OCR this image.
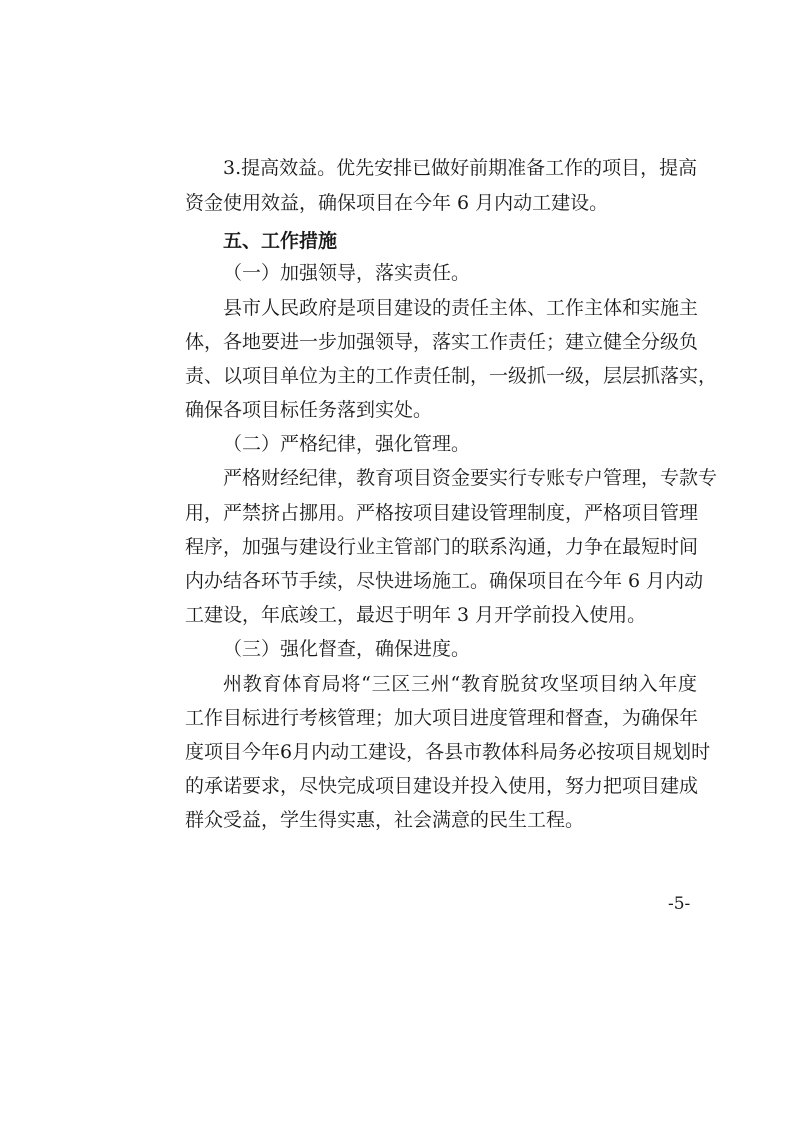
3.提高效益。优先安排已做好前期准备工作的项目，提高
资金使用效益，确保项目在今年 6 月内动工建设。
五、工作措施
（一）加强领导，落实责任。
县市人民政府是项目建设的责任主体、工作主体和实施主
体，各地要进一步加强领导，落实工作责任；建立健全分级负
责、以项目单位为主的工作责任制，一级抓一级，层层抓落实，
确保各项目标任务落到实处。
（二）严格纪律，强化管理。
严格财经纪律，教育项目资金要实行专账专户管理，专款专
用，严禁挤占挪用。严格按项目建设管理制度，严格项目管理
程序，加强与建设行业主管部门的联系沟通，力争在最短时间
内办结各环节手续，尽快进场施工。确保项目在今年 6 月内动
工建设，年底竣工，最迟于明年 3 月开学前投入使用。
（三）强化督查，确保进度。
州教育体育局将“三区三州“教育脱贫攻坚项目纳入年度
工作目标进行考核管理；加大项目进度管理和督查，为确保年
度项目今年6月内动工建设，各县市教体科局务必按项目规划时
的承诺要求，尽快完成项目建设并投入使用，努力把项目建成
群众受益，学生得实惠，社会满意的民生工程。
-5-
